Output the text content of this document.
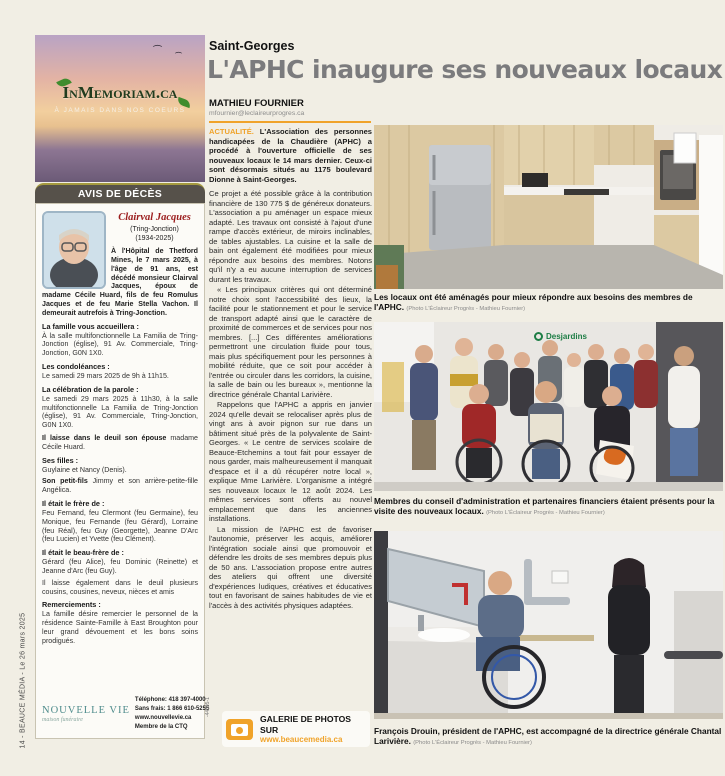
14 - BEAUCE MÉDIA - Le 26 mars 2025
⌒
⌒
InMemoriam.ca
À JAMAIS DANS NOS COEURS
AVIS DE DÉCÈS
Clairval Jacques
(Tring-Jonction)
(1934-2025)
À l'Hôpital de Thetford Mines, le 7 mars 2025, à l'âge de 91 ans, est décédé monsieur Clairval Jacques, époux de madame Cécile Huard, fils de feu Romulus Jacques et de feu Marie Stella Vachon. Il demeurait autrefois à Tring-Jonction.
La famille vous accueillera :
À la salle multifonctionnelle La Familia de Tring-Jonction (église), 91 Av. Commerciale, Tring-Jonction, G0N 1X0.
Les condoléances :
Le samedi 29 mars 2025 de 9h à 11h15.
La célébration de la parole :
Le samedi 29 mars 2025 à 11h30, à la salle multifonctionnelle La Familia de Tring-Jonction (église), 91 Av. Commerciale, Tring-Jonction, G0N 1X0.
Il laisse dans le deuil son épouse madame Cécile Huard.
Ses filles :
Guylaine et Nancy (Denis).
Son petit-fils Jimmy et son arrière-petite-fille Angélica.
Il était le frère de :
Feu Fernand, feu Clermont (feu Germaine), feu Monique, feu Fernande (feu Gérard), Lorraine (feu Réal), feu Guy (Georgette), Jeanne D'Arc (feu Lucien) et Yvette (feu Clément).
Il était le beau-frère de :
Gérard (feu Alice), feu Dominic (Reinette) et Jeanne d'Arc (feu Guy).
Il laisse également dans le deuil plusieurs cousins, cousines, neveux, nièces et amis
Remerciements :
La famille désire remercier le personnel de la résidence Sainte-Famille à East Broughton pour leur grand dévouement et les bons soins prodigués.
NOUVELLE VIE
maison funéraire
Téléphone: 418 397-4000
Sans frais: 1 866 610-5255
www.nouvellevie.ca
Membre de la CTQ
-44895-1
Saint-Georges
L'APHC inaugure ses nouveaux locaux
MATHIEU FOURNIER
mfournier@leclaireurprogres.ca
ACTUALITÉ. L'Association des personnes handicapées de la Chaudière (APHC) a procédé à l'ouverture officielle de ses nouveaux locaux le 14 mars dernier. Ceux-ci sont désormais situés au 1175 boulevard Dionne à Saint-Georges.

Ce projet a été possible grâce à la contribution financière de 130 775 $ de généreux donateurs. L'association a pu aménager un espace mieux adapté. Les travaux ont consisté à l'ajout d'une rampe d'accès extérieur, de miroirs inclinables, de tables ajustables. La cuisine et la salle de bain ont également été modifiées pour mieux répondre aux besoins des membres. Notons qu'il n'y a eu aucune interruption de services durant les travaux.

« Les principaux critères qui ont déterminé notre choix sont l'accessibilité des lieux, la facilité pour le stationnement et pour le service de transport adapté ainsi que le caractère de proximité de commerces et de services pour nos membres. [...] Ces différentes améliorations permettront une circulation fluide pour tous, mais plus spécifiquement pour les personnes à mobilité réduite, que ce soit pour accéder à l'entrée ou circuler dans les corridors, la cuisine, la salle de bain ou les bureaux », mentionne la directrice générale Chantal Larivière.

Rappelons que l'APHC a appris en janvier 2024 qu'elle devait se relocaliser après plus de vingt ans à avoir pignon sur rue dans un bâtiment situé près de la polyvalente de Saint-Georges. « Le centre de services scolaire de Beauce-Etchemins a tout fait pour essayer de nous garder, mais malheureusement il manquait d'espace et il a dû récupérer notre local », explique Mme Larivière. L'organisme a intégré ses nouveaux locaux le 12 août 2024. Les mêmes services sont offerts au nouvel emplacement que dans les anciennes installations.

La mission de l'APHC est de favoriser l'autonomie, préserver les acquis, améliorer l'intégration sociale ainsi que promouvoir et défendre les droits de ses membres depuis plus de 50 ans. L'association propose entre autres des ateliers qui offrent une diversité d'expériences ludiques, créatives et éducatives tout en favorisant de saines habitudes de vie et l'accès à des activités physiques adaptées.

GALERIE DE PHOTOS SUR
www.beaucemedia.ca
Les locaux ont été aménagés pour mieux répondre aux besoins des membres de l'APHC. (Photo L'Éclaireur Progrès - Mathieu Fournier)
Desjardins
Membres du conseil d'administration et partenaires financiers étaient présents pour la visite des nouveaux locaux. (Photo L'Éclaireur Progrès - Mathieu Fournier)
François Drouin, président de l'APHC, est accompagné de la directrice générale Chantal Larivière. (Photo L'Éclaireur Progrès - Mathieu Fournier)
